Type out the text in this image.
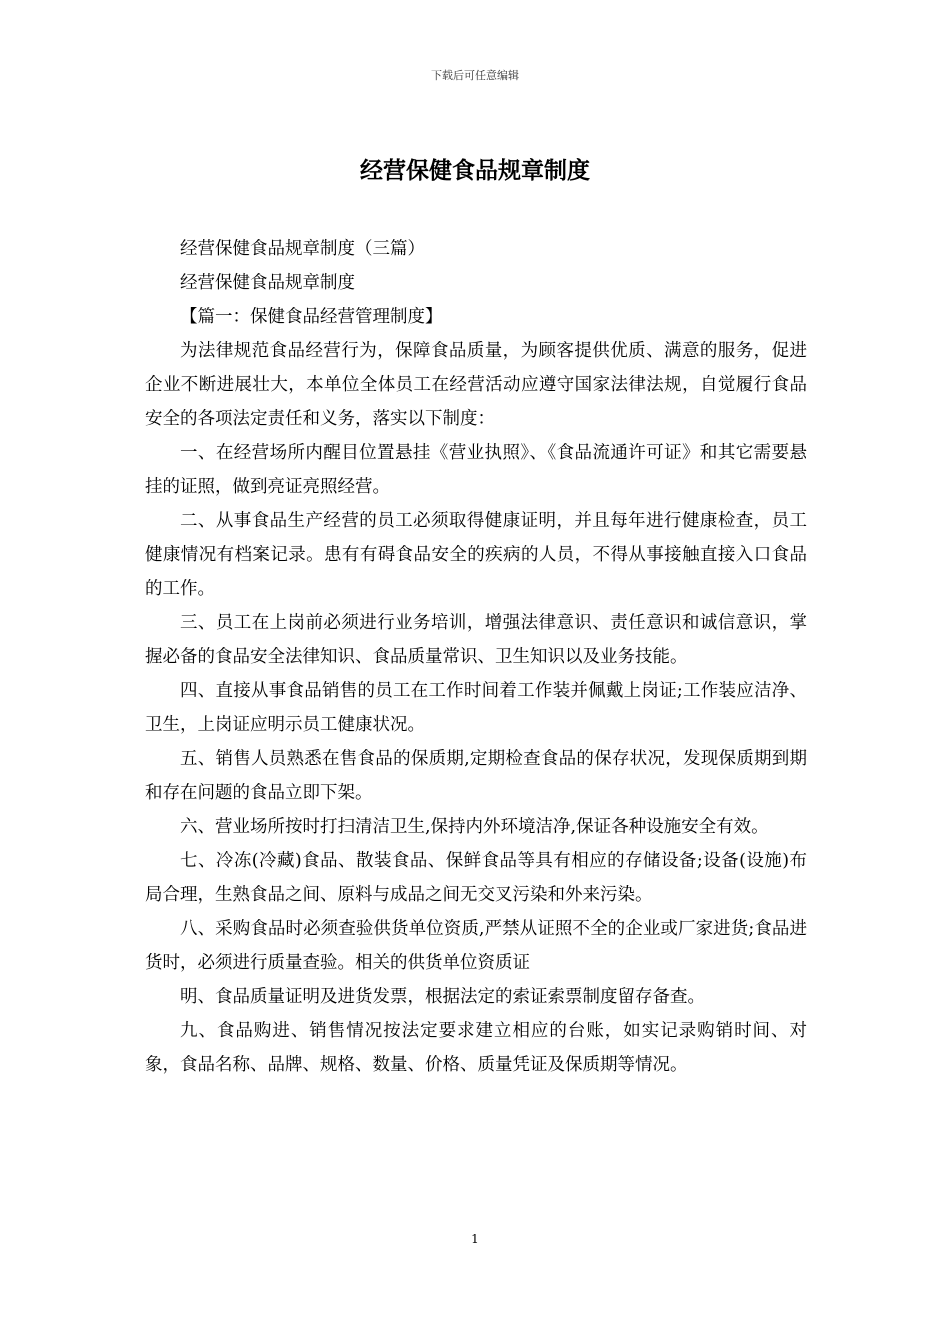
下载后可任意编辑
经营保健食品规章制度

经营保健食品规章制度（三篇）

经营保健食品规章制度

【篇一：保健食品经营管理制度】

为法律规范食品经营行为，保障食品质量，为顾客提供优质、满意的服务，促进企业不断进展壮大，本单位全体员工在经营活动应遵守国家法律法规，自觉履行食品安全的各项法定责任和义务，落实以下制度：

一、在经营场所内醒目位置悬挂《营业执照》、《食品流通许可证》和其它需要悬挂的证照，做到亮证亮照经营。

二、从事食品生产经营的员工必须取得健康证明，并且每年进行健康检查，员工健康情况有档案记录。患有有碍食品安全的疾病的人员，不得从事接触直接入口食品的工作。

三、员工在上岗前必须进行业务培训，增强法律意识、责任意识和诚信意识，掌握必备的食品安全法律知识、食品质量常识、卫生知识以及业务技能。

四、直接从事食品销售的员工在工作时间着工作装并佩戴上岗证;工作装应洁净、卫生，上岗证应明示员工健康状况。

五、销售人员熟悉在售食品的保质期,定期检查食品的保存状况，发现保质期到期和存在问题的食品立即下架。

六、营业场所按时打扫清洁卫生,保持内外环境洁净,保证各种设施安全有效。

七、冷冻(冷藏)食品、散装食品、保鲜食品等具有相应的存储设备;设备(设施)布局合理，生熟食品之间、原料与成品之间无交叉污染和外来污染。

八、采购食品时必须查验供货单位资质,严禁从证照不全的企业或厂家进货;食品进货时，必须进行质量查验。相关的供货单位资质证

明、食品质量证明及进货发票，根据法定的索证索票制度留存备查。

九、食品购进、销售情况按法定要求建立相应的台账，如实记录购销时间、对象，食品名称、品牌、规格、数量、价格、质量凭证及保质期等情况。

1
